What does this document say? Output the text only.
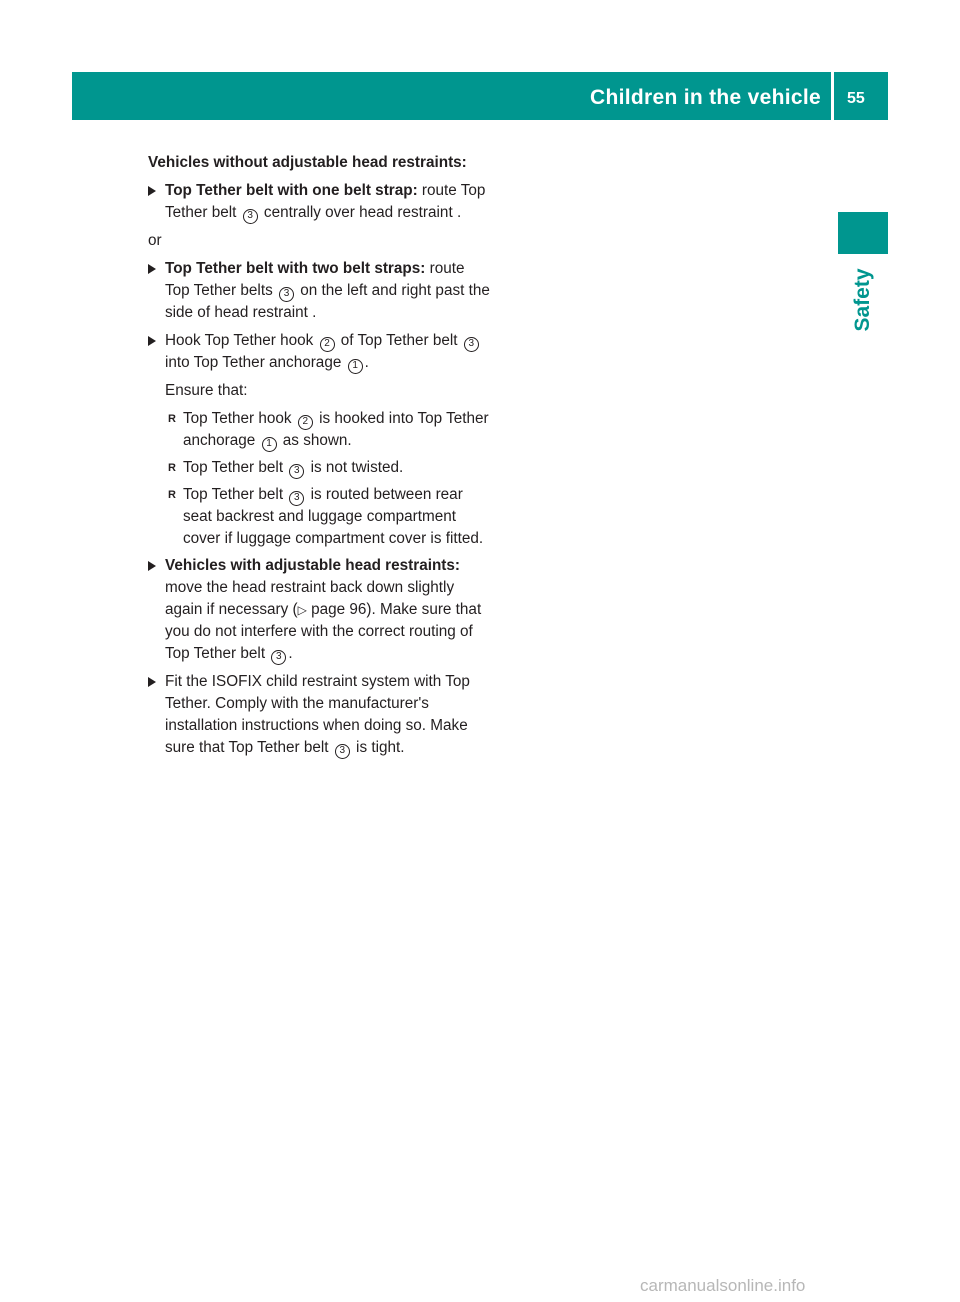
Children in the vehicle 55
Safety

Vehicles without adjustable head restraints:

Top Tether belt with one belt strap: route Top Tether belt 3 centrally over head restraint .

or

Top Tether belt with two belt straps: route Top Tether belts 3 on the left and right past the side of head restraint .
Hook Top Tether hook 2 of Top Tether belt 3 into Top Tether anchorage 1 .

Ensure that:

R Top Tether hook 2 is hooked into Top Tether anchorage 1 as shown.
R Top Tether belt 3 is not twisted.
R Top Tether belt 3 is routed between rear seat backrest and luggage compartment cover if luggage compartment cover is fitted.
Vehicles with adjustable head restraints: move the head restraint back down slightly again if necessary (▷ page 96). Make sure that you do not interfere with the correct routing of Top Tether belt 3 .
Fit the ISOFIX child restraint system with Top Tether. Comply with the manufacturer's installation instructions when doing so. Make sure that Top Tether belt 3 is tight.
carmanualsonline.info
